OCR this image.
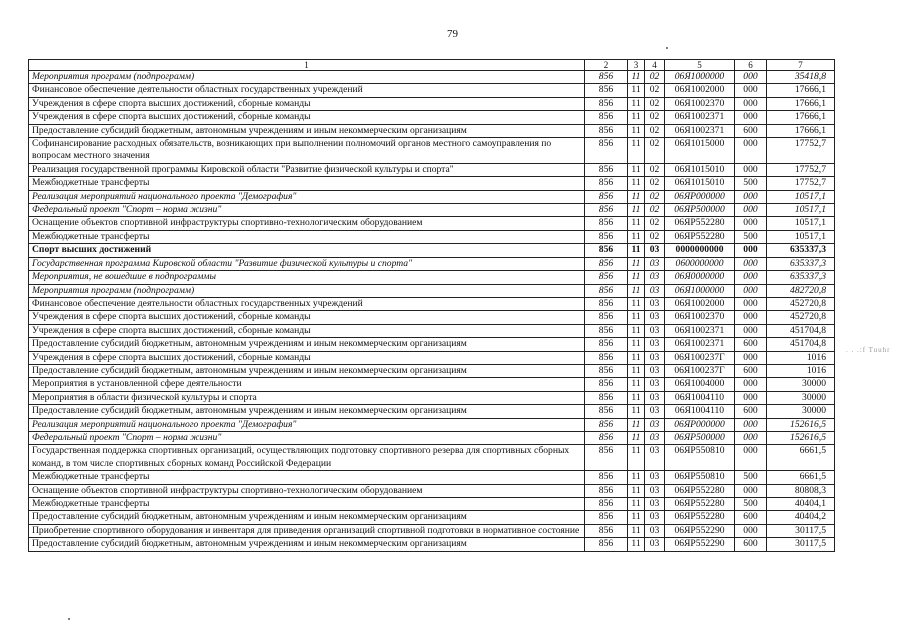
79
1	2	3	4	5	6	7
Мероприятия программ (подпрограмм)	856	11	02	06Я1000000	000	35418,8
Финансовое обеспечение деятельности областных государственных учреждений	856	11	02	06Я1002000	000	17666,1
Учреждения в сфере спорта высших достижений, сборные команды	856	11	02	06Я1002370	000	17666,1
Учреждения в сфере спорта высших достижений, сборные команды	856	11	02	06Я1002371	000	17666,1
Предоставление субсидий бюджетным, автономным учреждениям и иным некоммерческим организациям	856	11	02	06Я1002371	600	17666,1
Софинансирование расходных обязательств, возникающих при выполнении полномочий органов местного самоуправления по вопросам местного значения	856	11	02	06Я1015000	000	17752,7
Реализация государственной программы Кировской области "Развитие физической культуры и спорта"	856	11	02	06Я1015010	000	17752,7
Межбюджетные трансферты	856	11	02	06Я1015010	500	17752,7
Реализация мероприятий национального проекта "Демография"	856	11	02	06ЯР000000	000	10517,1
Федеральный проект "Спорт – норма жизни"	856	11	02	06ЯР500000	000	10517,1
Оснащение объектов спортивной инфраструктуры спортивно-технологическим оборудованием	856	11	02	06ЯР552280	000	10517,1
Межбюджетные трансферты	856	11	02	06ЯР552280	500	10517,1
Спорт высших достижений	856	11	03	0000000000	000	635337,3
Государственная программа Кировской области "Развитие физической культуры и спорта"	856	11	03	0600000000	000	635337,3
Мероприятия, не вошедшие в подпрограммы	856	11	03	06Я0000000	000	635337,3
Мероприятия программ (подпрограмм)	856	11	03	06Я1000000	000	482720,8
Финансовое обеспечение деятельности областных государственных учреждений	856	11	03	06Я1002000	000	452720,8
Учреждения в сфере спорта высших достижений, сборные команды	856	11	03	06Я1002370	000	452720,8
Учреждения в сфере спорта высших достижений, сборные команды	856	11	03	06Я1002371	000	451704,8
Предоставление субсидий бюджетным, автономным учреждениям и иным некоммерческим организациям	856	11	03	06Я1002371	600	451704,8
Учреждения в сфере спорта высших достижений, сборные команды	856	11	03	06Я100237Г	000	1016
Предоставление субсидий бюджетным, автономным учреждениям и иным некоммерческим организациям	856	11	03	06Я100237Г	600	1016
Мероприятия в установленной сфере деятельности	856	11	03	06Я1004000	000	30000
Мероприятия в области физической культуры и спорта	856	11	03	06Я1004110	000	30000
Предоставление субсидий бюджетным, автономным учреждениям и иным некоммерческим организациям	856	11	03	06Я1004110	600	30000
Реализация мероприятий национального проекта "Демография"	856	11	03	06ЯР000000	000	152616,5
Федеральный проект "Спорт – норма жизни"	856	11	03	06ЯР500000	000	152616,5
Государственная поддержка спортивных организаций, осуществляющих подготовку спортивного резерва для спортивных сборных команд, в том числе спортивных сборных команд Российской Федерации	856	11	03	06ЯР550810	000	6661,5
Межбюджетные трансферты	856	11	03	06ЯР550810	500	6661,5
Оснащение объектов спортивной инфраструктуры спортивно-технологическим оборудованием	856	11	03	06ЯР552280	000	80808,3
Межбюджетные трансферты	856	11	03	06ЯР552280	500	40404,1
Предоставление субсидий бюджетным, автономным учреждениям и иным некоммерческим организациям	856	11	03	06ЯР552280	600	40404,2
Приобретение спортивного оборудования и инвентаря для приведения организаций спортивной подготовки в нормативное состояние	856	11	03	06ЯР552290	000	30117,5
Предоставление субсидий бюджетным, автономным учреждениям и иным некоммерческим организациям	856	11	03	06ЯР552290	600	30117,5
. . .:f Tuuhr
